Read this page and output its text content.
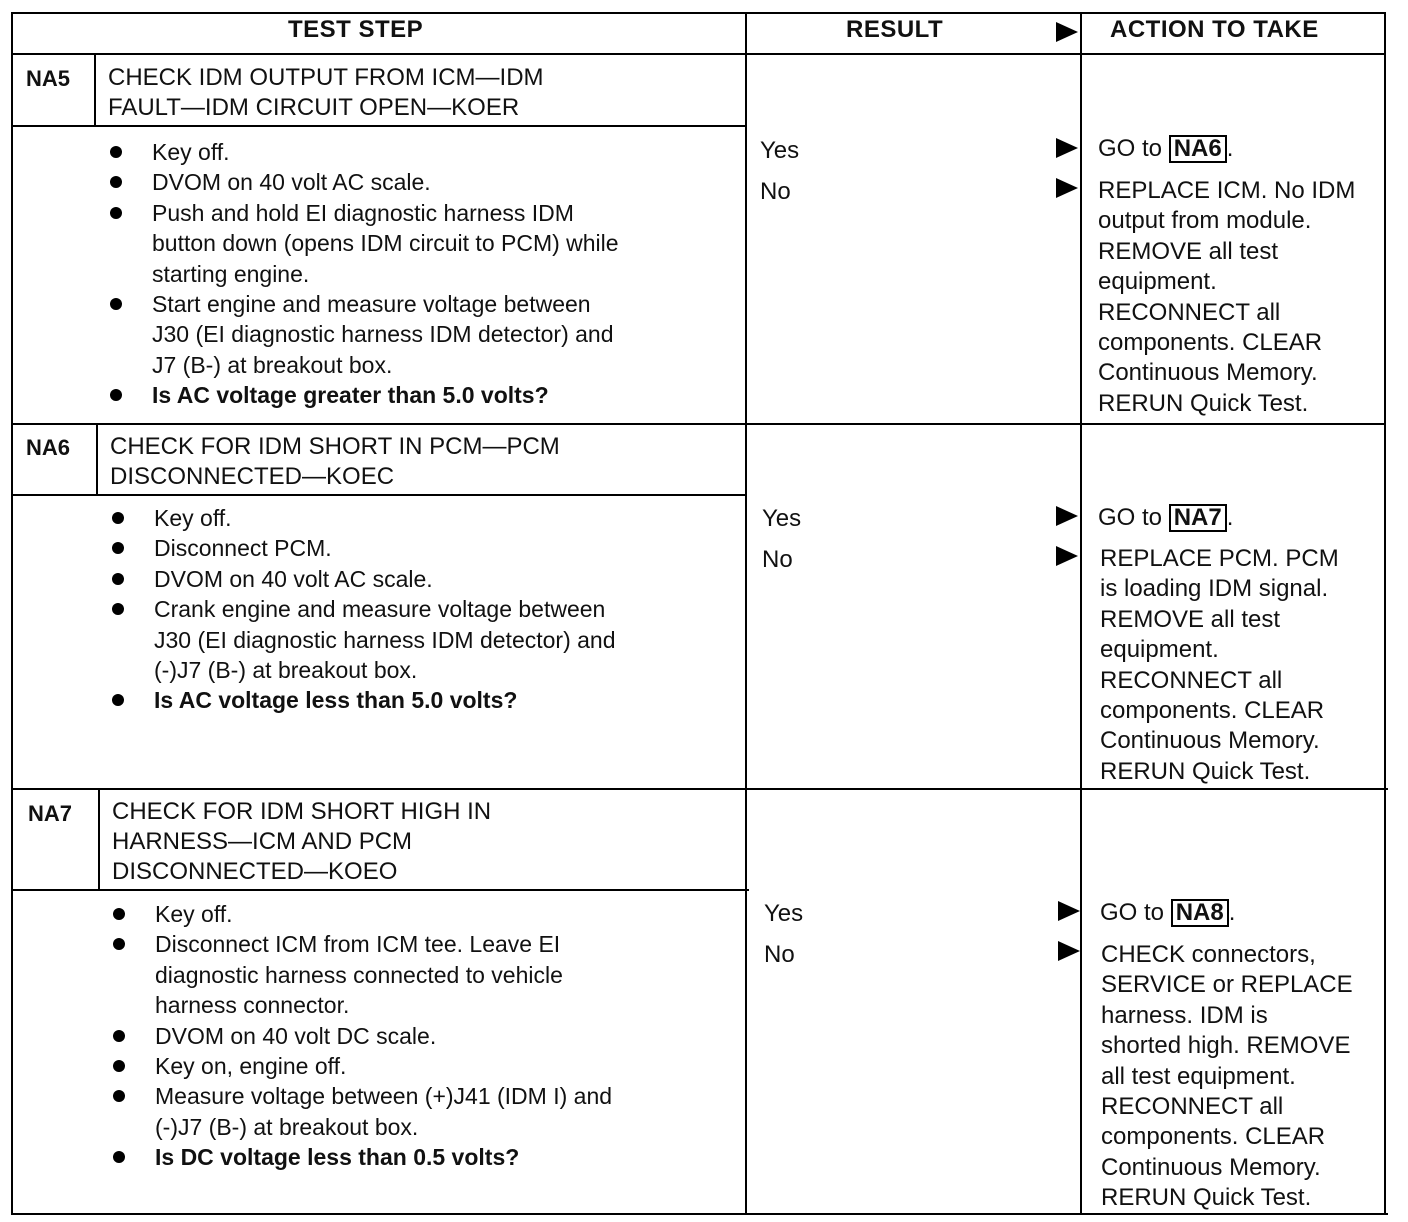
TEST STEP	RESULT	ACTION TO TAKE
NA5 CHECK IDM OUTPUT FROM ICM—IDM
FAULT—IDM CIRCUIT OPEN—KOER
Key off.
DVOM on 40 volt AC scale.
Push and hold EI diagnostic harness IDM
button down (opens IDM circuit to PCM) while
starting engine.
Start engine and measure voltage between
J30 (EI diagnostic harness IDM detector) and
J7 (B-) at breakout box.
Is AC voltage greater than 5.0 volts?
Yes
No
GO to NA6 .
REPLACE ICM. No IDM
output from module.
REMOVE all test
equipment.
RECONNECT all
components. CLEAR
Continuous Memory.
RERUN Quick Test.
NA6 CHECK FOR IDM SHORT IN PCM—PCM
DISCONNECTED—KOEC
Key off.
Disconnect PCM.
DVOM on 40 volt AC scale.
Crank engine and measure voltage between
J30 (EI diagnostic harness IDM detector) and
(-)J7 (B-) at breakout box.
Is AC voltage less than 5.0 volts?
Yes
No
GO to NA7 .
REPLACE PCM. PCM
is loading IDM signal.
REMOVE all test
equipment.
RECONNECT all
components. CLEAR
Continuous Memory.
RERUN Quick Test.
NA7 CHECK FOR IDM SHORT HIGH IN
HARNESS—ICM AND PCM
DISCONNECTED—KOEO
Key off.
Disconnect ICM from ICM tee. Leave EI
diagnostic harness connected to vehicle
harness connector.
DVOM on 40 volt DC scale.
Key on, engine off.
Measure voltage between (+)J41 (IDM I) and
(-)J7 (B-) at breakout box.
Is DC voltage less than 0.5 volts?
Yes
No
GO to NA8 .
CHECK connectors,
SERVICE or REPLACE
harness. IDM is
shorted high. REMOVE
all test equipment.
RECONNECT all
components. CLEAR
Continuous Memory.
RERUN Quick Test.
